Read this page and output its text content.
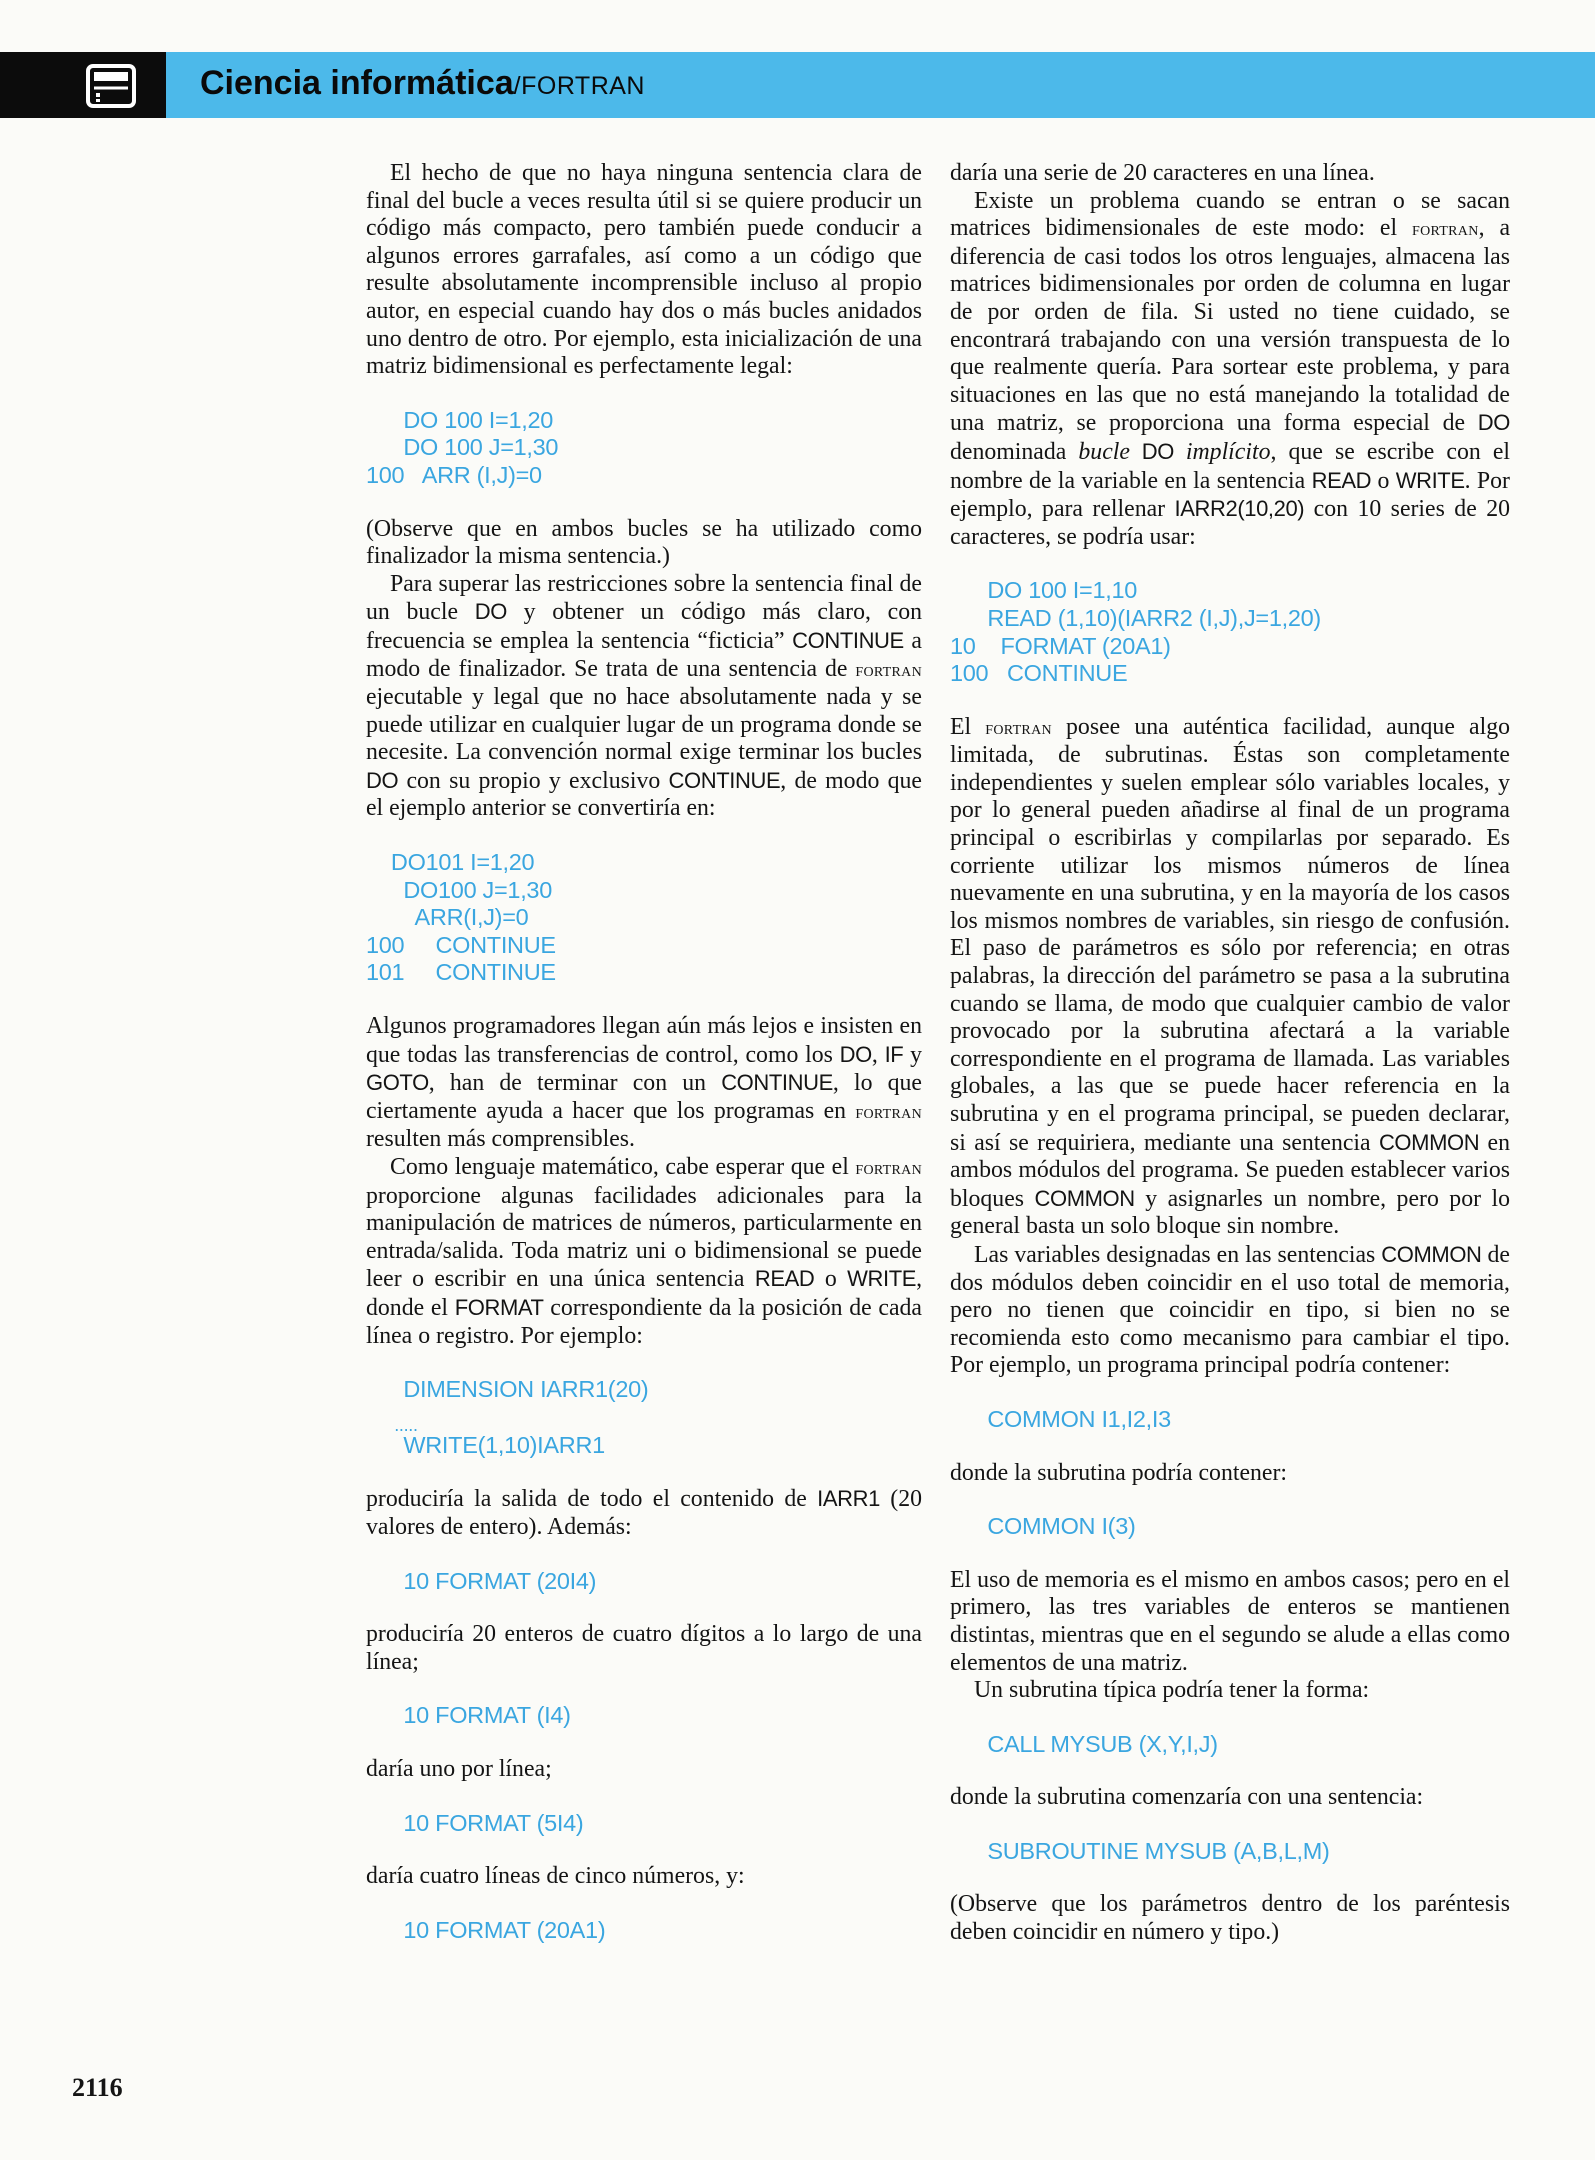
Ciencia informática/FORTRAN

El hecho de que no haya ninguna sentencia clara de final del bucle a veces resulta útil si se quiere producir un código más compacto, pero también puede conducir a algunos errores garrafales, así como a un código que resulte absolutamente incomprensible incluso al propio autor, en especial cuando hay dos o más bucles anidados uno dentro de otro. Por ejemplo, esta inicialización de una matriz bidimensional es perfectamente legal:

DO 100 I=1,20
DO 100 J=1,30
100   ARR (I,J)=0

(Observe que en ambos bucles se ha utilizado como finalizador la misma sentencia.)

Para superar las restricciones sobre la sentencia final de un bucle DO y obtener un código más claro, con frecuencia se emplea la sentencia “ficticia” CONTINUE a modo de finalizador. Se trata de una sentencia de fortran ejecutable y legal que no hace absolutamente nada y se puede utilizar en cualquier lugar de un programa donde se necesite. La convención normal exige terminar los bucles DO con su propio y exclusivo CONTINUE, de modo que el ejemplo anterior se convertiría en:

DO101 I=1,20
DO100 J=1,30
ARR(I,J)=0
100     CONTINUE
101     CONTINUE

Algunos programadores llegan aún más lejos e insisten en que todas las transferencias de control, como los DO, IF y GOTO, han de terminar con un CONTINUE, lo que ciertamente ayuda a hacer que los programas en fortran resulten más comprensibles.

Como lenguaje matemático, cabe esperar que el fortran proporcione algunas facilidades adicionales para la manipulación de matrices de números, particularmente en entrada/salida. Toda matriz uni o bidimensional se puede leer o escribir en una única sentencia READ o WRITE, donde el FORMAT correspondiente da la posición de cada línea o registro. Por ejemplo:

DIMENSION IARR1(20)
.....
WRITE(1,10)IARR1

produciría la salida de todo el contenido de IARR1 (20 valores de entero). Además:

10 FORMAT (20I4)

produciría 20 enteros de cuatro dígitos a lo largo de una línea;

10 FORMAT (I4)

daría uno por línea;

10 FORMAT (5I4)

daría cuatro líneas de cinco números, y:

10 FORMAT (20A1)

daría una serie de 20 caracteres en una línea.

Existe un problema cuando se entran o se sacan matrices bidimensionales de este modo: el fortran, a diferencia de casi todos los otros lenguajes, almacena las matrices bidimensionales por orden de columna en lugar de por orden de fila. Si usted no tiene cuidado, se encontrará trabajando con una versión transpuesta de lo que realmente quería. Para sortear este problema, y para situaciones en las que no está manejando la totalidad de una matriz, se proporciona una forma especial de DO denominada bucle DO implícito, que se escribe con el nombre de la variable en la sentencia READ o WRITE. Por ejemplo, para rellenar IARR2(10,20) con 10 series de 20 caracteres, se podría usar:

DO 100 I=1,10
READ (1,10)(IARR2 (I,J),J=1,20)
10    FORMAT (20A1)
100   CONTINUE

El fortran posee una auténtica facilidad, aunque algo limitada, de subrutinas. Éstas son completamente independientes y suelen emplear sólo variables locales, y por lo general pueden añadirse al final de un programa principal o escribirlas y compilarlas por separado. Es corriente utilizar los mismos números de línea nuevamente en una subrutina, y en la mayoría de los casos los mismos nombres de variables, sin riesgo de confusión. El paso de parámetros es sólo por referencia; en otras palabras, la dirección del parámetro se pasa a la subrutina cuando se llama, de modo que cualquier cambio de valor provocado por la subrutina afectará a la variable correspondiente en el programa de llamada. Las variables globales, a las que se puede hacer referencia en la subrutina y en el programa principal, se pueden declarar, si así se requiriera, mediante una sentencia COMMON en ambos módulos del programa. Se pueden establecer varios bloques COMMON y asignarles un nombre, pero por lo general basta un solo bloque sin nombre.

Las variables designadas en las sentencias COMMON de dos módulos deben coincidir en el uso total de memoria, pero no tienen que coincidir en tipo, si bien no se recomienda esto como mecanismo para cambiar el tipo. Por ejemplo, un programa principal podría contener:

COMMON I1,I2,I3

donde la subrutina podría contener:

COMMON I(3)

El uso de memoria es el mismo en ambos casos; pero en el primero, las tres variables de enteros se mantienen distintas, mientras que en el segundo se alude a ellas como elementos de una matriz.

Un subrutina típica podría tener la forma:

CALL MYSUB (X,Y,I,J)

donde la subrutina comenzaría con una sentencia:

SUBROUTINE MYSUB (A,B,L,M)

(Observe que los parámetros dentro de los paréntesis deben coincidir en número y tipo.)

2116
